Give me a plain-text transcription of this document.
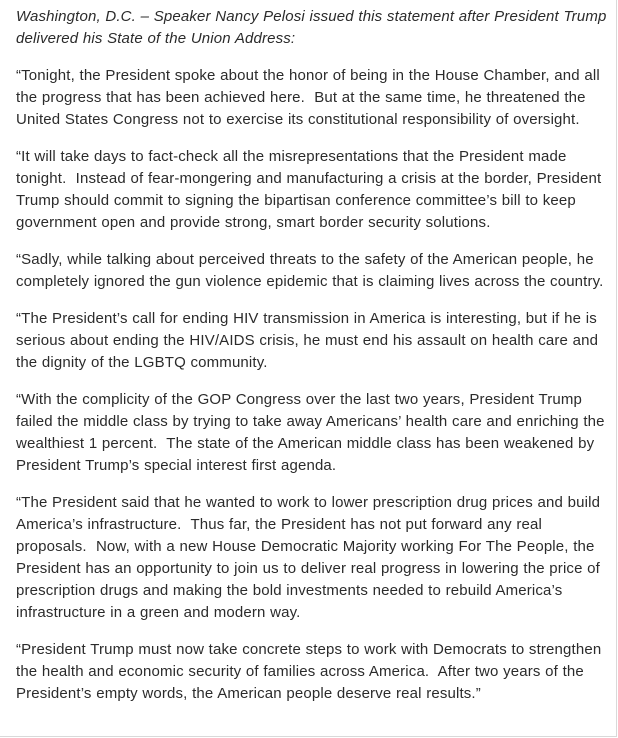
Washington, D.C. – Speaker Nancy Pelosi issued this statement after President Trump delivered his State of the Union Address:

“Tonight, the President spoke about the honor of being in the House Chamber, and all the progress that has been achieved here.  But at the same time, he threatened the United States Congress not to exercise its constitutional responsibility of oversight.

“It will take days to fact-check all the misrepresentations that the President made tonight.  Instead of fear-mongering and manufacturing a crisis at the border, President Trump should commit to signing the bipartisan conference committee’s bill to keep government open and provide strong, smart border security solutions.

“Sadly, while talking about perceived threats to the safety of the American people, he completely ignored the gun violence epidemic that is claiming lives across the country.

“The President’s call for ending HIV transmission in America is interesting, but if he is serious about ending the HIV/AIDS crisis, he must end his assault on health care and the dignity of the LGBTQ community.

“With the complicity of the GOP Congress over the last two years, President Trump failed the middle class by trying to take away Americans’ health care and enriching the wealthiest 1 percent.  The state of the American middle class has been weakened by President Trump’s special interest first agenda.

“The President said that he wanted to work to lower prescription drug prices and build America’s infrastructure.  Thus far, the President has not put forward any real proposals.  Now, with a new House Democratic Majority working For The People, the President has an opportunity to join us to deliver real progress in lowering the price of prescription drugs and making the bold investments needed to rebuild America’s infrastructure in a green and modern way.

“President Trump must now take concrete steps to work with Democrats to strengthen the health and economic security of families across America.  After two years of the President’s empty words, the American people deserve real results.”
